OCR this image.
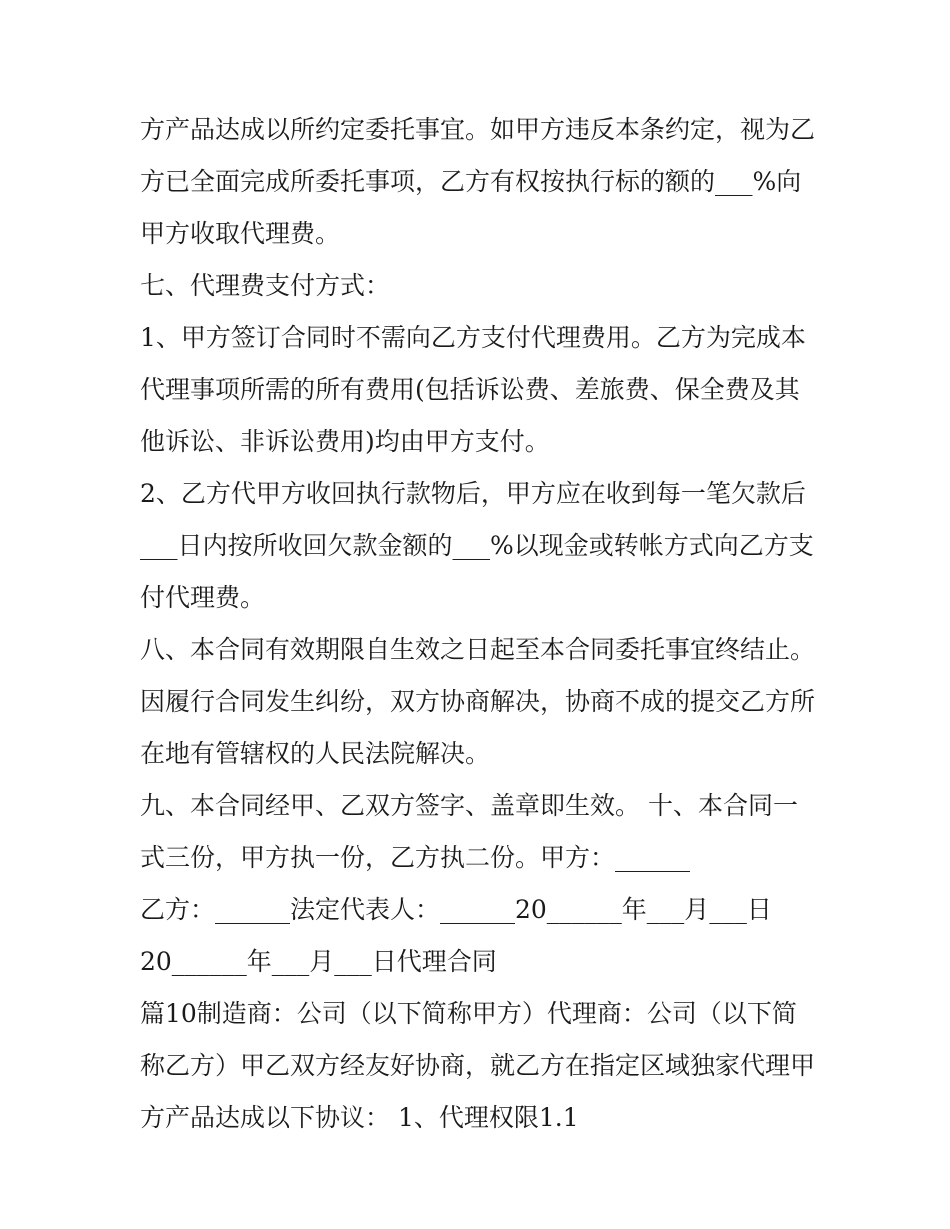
方产品达成以所约定委托事宜。如甲方违反本条约定，视为乙
方已全面完成所委托事项，乙方有权按执行标的额的___%向
甲方收取代理费。
七、代理费支付方式：
1、甲方签订合同时不需向乙方支付代理费用。乙方为完成本
代理事项所需的所有费用(包括诉讼费、差旅费、保全费及其
他诉讼、非诉讼费用)均由甲方支付。
2、乙方代甲方收回执行款物后，甲方应在收到每一笔欠款后
___日内按所收回欠款金额的___%以现金或转帐方式向乙方支
付代理费。
八、本合同有效期限自生效之日起至本合同委托事宜终结止。
因履行合同发生纠纷，双方协商解决，协商不成的提交乙方所
在地有管辖权的人民法院解决。
九、本合同经甲、乙双方签字、盖章即生效。 十、本合同一
式三份，甲方执一份，乙方执二份。甲方：______
乙方：______法定代表人：______20______年___月___日
20______年___月___日代理合同
篇10制造商：公司（以下简称甲方）代理商：公司（以下简
称乙方）甲乙双方经友好协商，就乙方在指定区域独家代理甲
方产品达成以下协议： 1、代理权限1.1
